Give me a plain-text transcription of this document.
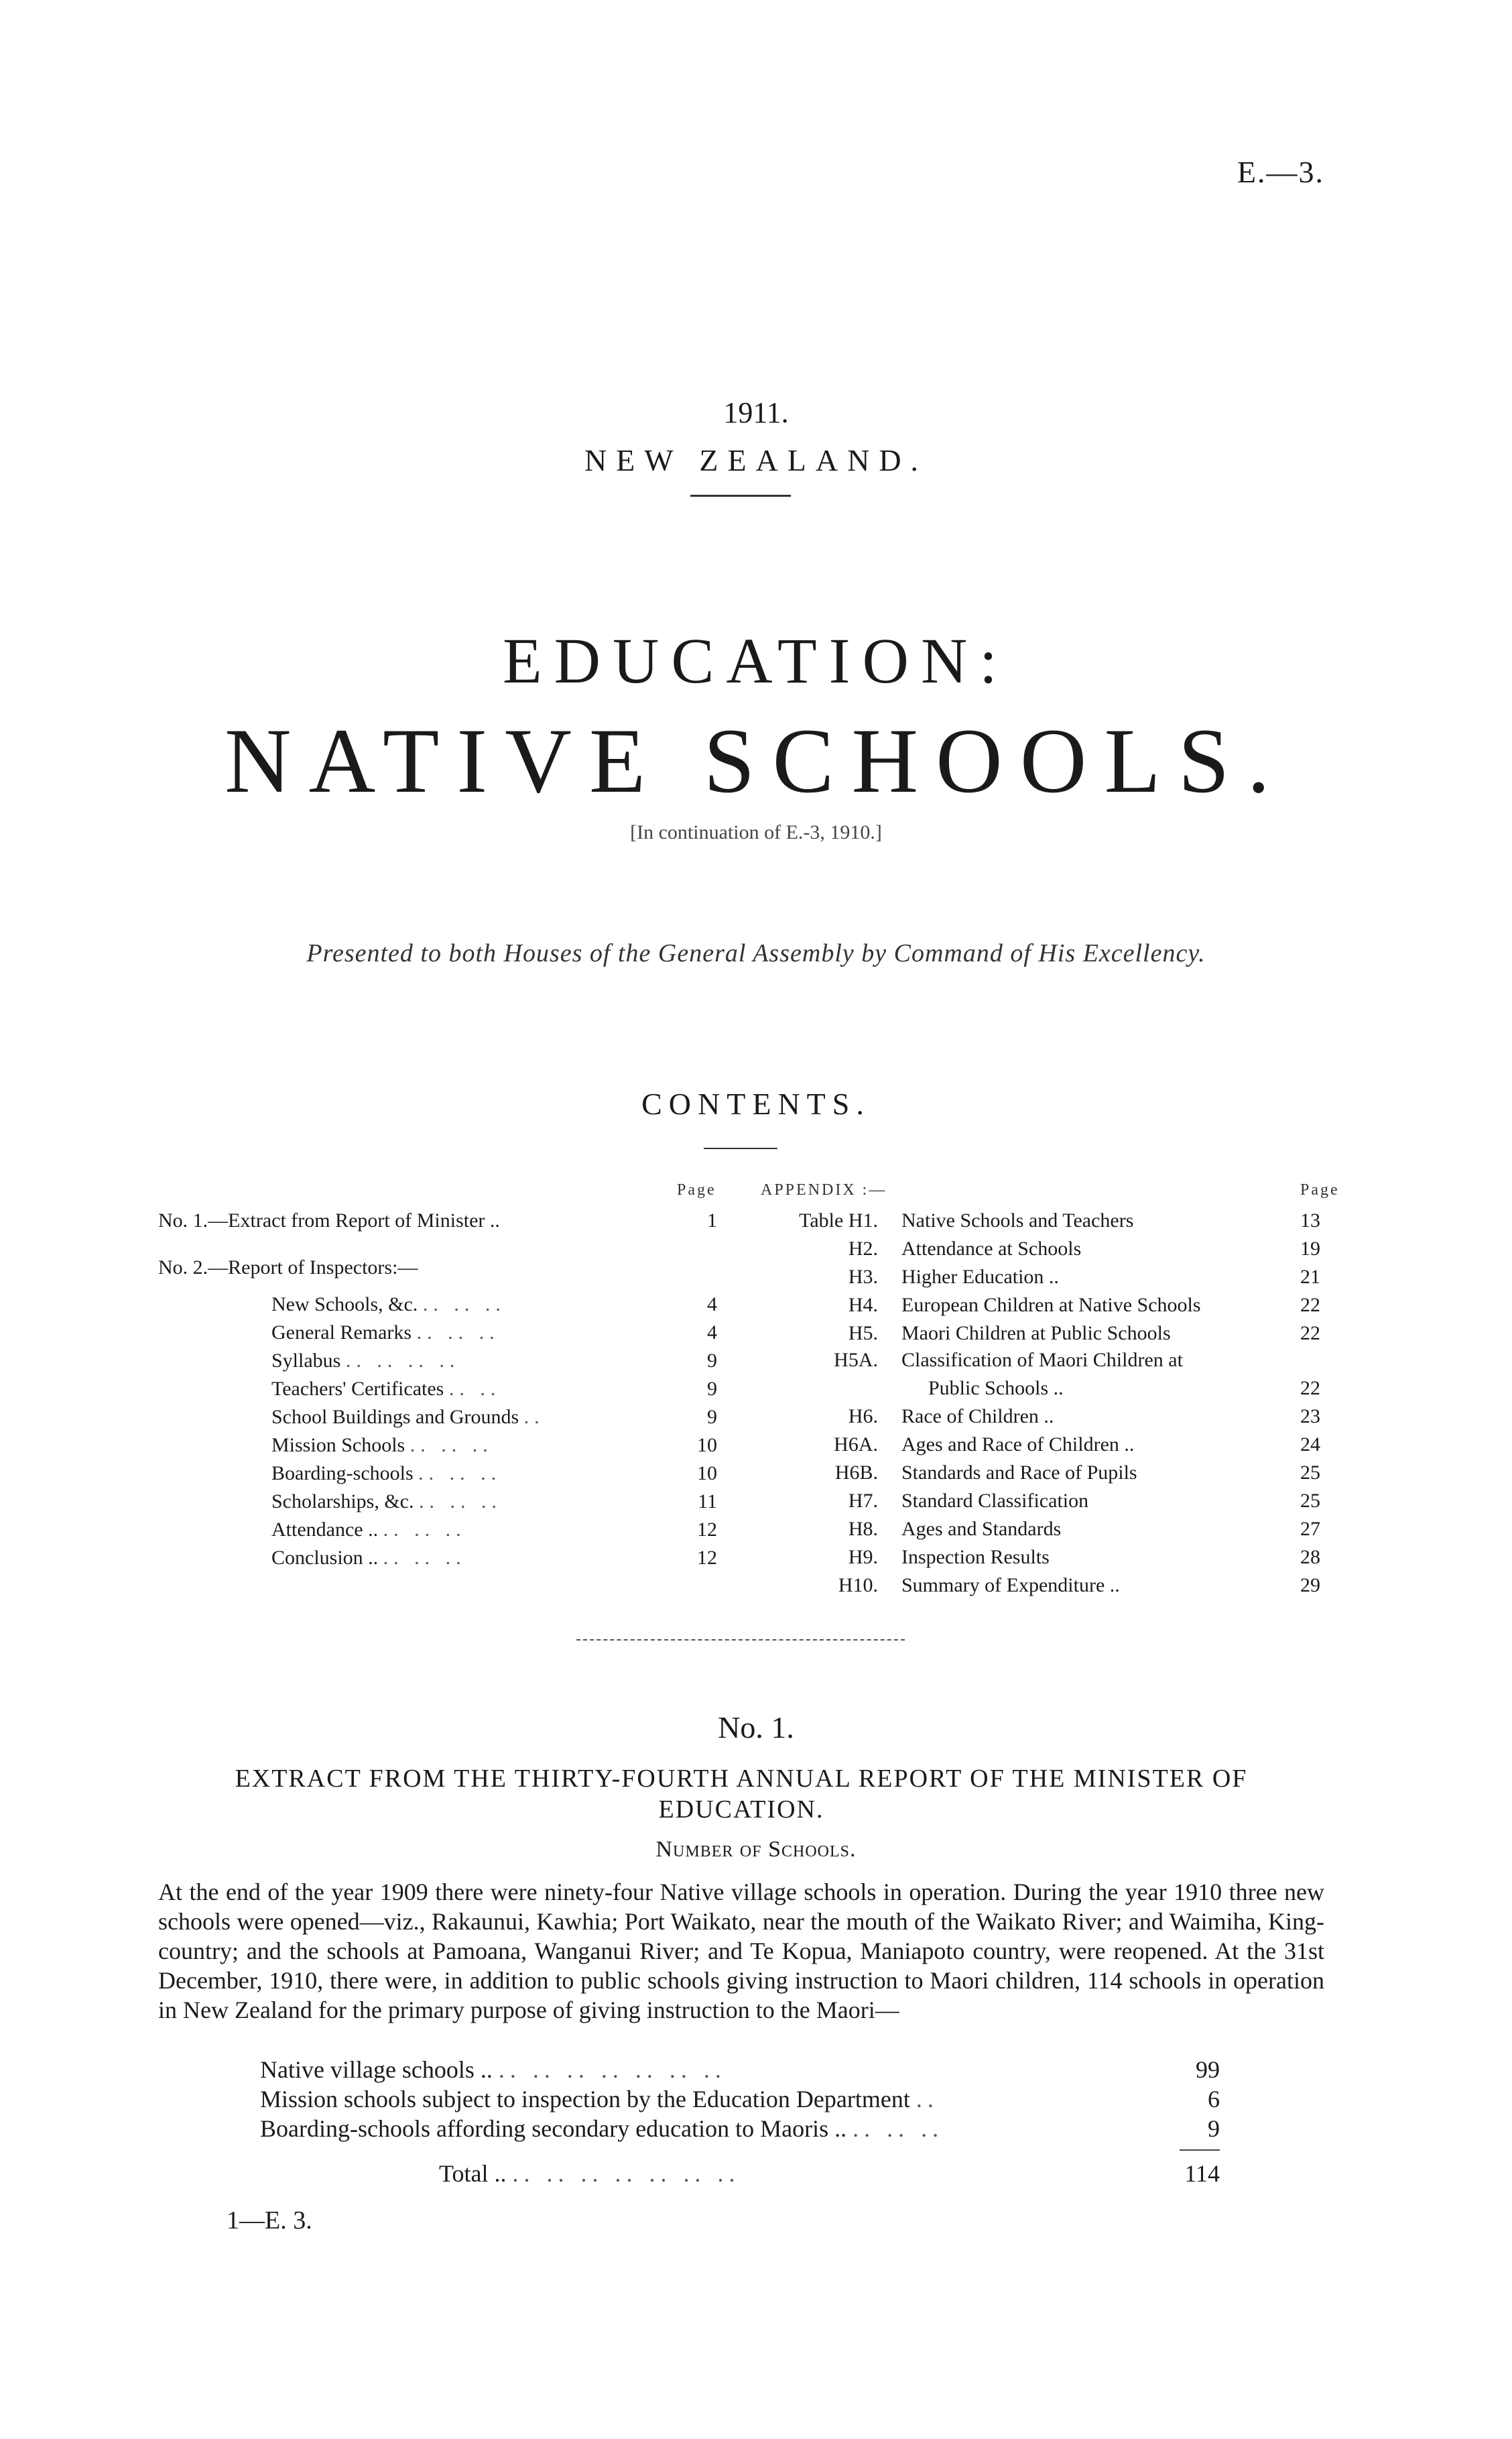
E.—3.
1911.
NEW ZEALAND.
EDUCATION:
NATIVE SCHOOLS.
[In continuation of E.-3, 1910.]
Presented to both Houses of the General Assembly by Command of His Excellency.
CONTENTS.
Page	APPENDIX :—	Page
No. 1.—Extract from Report of Minister ..	1
No. 2.—Report of Inspectors:—
New Schools, &c. .. .. ..	4
General Remarks .. .. ..	4
Syllabus .. .. .. ..	9
Teachers' Certificates .. ..	9
School Buildings and Grounds ..	9
Mission Schools .. .. ..	10
Boarding-schools .. .. ..	10
Scholarships, &c. .. .. ..	11
Attendance .. .. .. ..	12
Conclusion .. .. .. ..	12
Table H1. Native Schools and Teachers	13
H2. Attendance at Schools	19
H3. Higher Education ..	21
H4. European Children at Native Schools	22
H5. Maori Children at Public Schools	22
H5A. Classification of Maori Children at
Public Schools ..	22
H6. Race of Children ..	23
H6A. Ages and Race of Children ..	24
H6B. Standards and Race of Pupils	25
H7. Standard Classification	25
H8. Ages and Standards	27
H9. Inspection Results	28
H10. Summary of Expenditure ..	29
No. 1.
EXTRACT FROM THE THIRTY-FOURTH ANNUAL REPORT OF THE MINISTER OF EDUCATION.
Number of Schools.
At the end of the year 1909 there were ninety-four Native village schools in operation. During the year 1910 three new schools were opened—viz., Rakaunui, Kawhia; Port Waikato, near the mouth of the Waikato River; and Waimiha, King-country; and the schools at Pamoana, Wanganui River; and Te Kopua, Maniapoto country, were reopened. At the 31st December, 1910, there were, in addition to public schools giving instruction to Maori children, 114 schools in operation in New Zealand for the primary purpose of giving instruction to the Maori—
Native village schools .. .. .. .. .. .. .. ..	99
Mission schools subject to inspection by the Education Department ..	6
Boarding-schools affording secondary education to Maoris .. .. .. ..	9
Total .. .. .. .. .. .. .. ..	114
1—E. 3.
